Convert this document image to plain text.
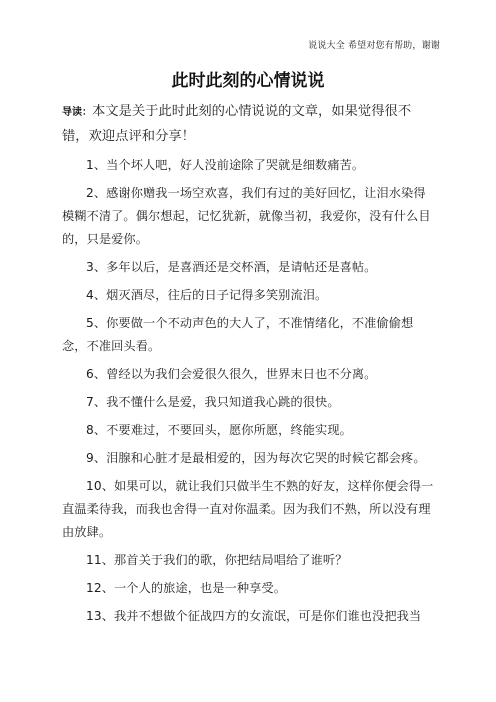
说说大全 希望对您有帮助，谢谢
此时此刻的心情说说

导读：本文是关于此时此刻的心情说说的文章，如果觉得很不错，欢迎点评和分享！

1、当个坏人吧，好人没前途除了哭就是细数痛苦。

2、感谢你赠我一场空欢喜，我们有过的美好回忆，让泪水染得模糊不清了。偶尔想起，记忆犹新，就像当初，我爱你，没有什么目的，只是爱你。

3、多年以后，是喜酒还是交杯酒，是请帖还是喜帖。

4、烟灭酒尽，往后的日子记得多笑别流泪。

5、你要做一个不动声色的大人了，不准情绪化，不准偷偷想念，不准回头看。

6、曾经以为我们会爱很久很久，世界末日也不分离。

7、我不懂什么是爱，我只知道我心跳的很快。

8、不要难过，不要回头，愿你所愿，终能实现。

9、泪腺和心脏才是最相爱的，因为每次它哭的时候它都会疼。

10、如果可以，就让我们只做半生不熟的好友，这样你便会得一直温柔待我，而我也舍得一直对你温柔。因为我们不熟，所以没有理由放肆。

11、那首关于我们的歌，你把结局唱给了谁听？

12、一个人的旅途，也是一种享受。

13、我并不想做个征战四方的女流氓，可是你们谁也没把我当
